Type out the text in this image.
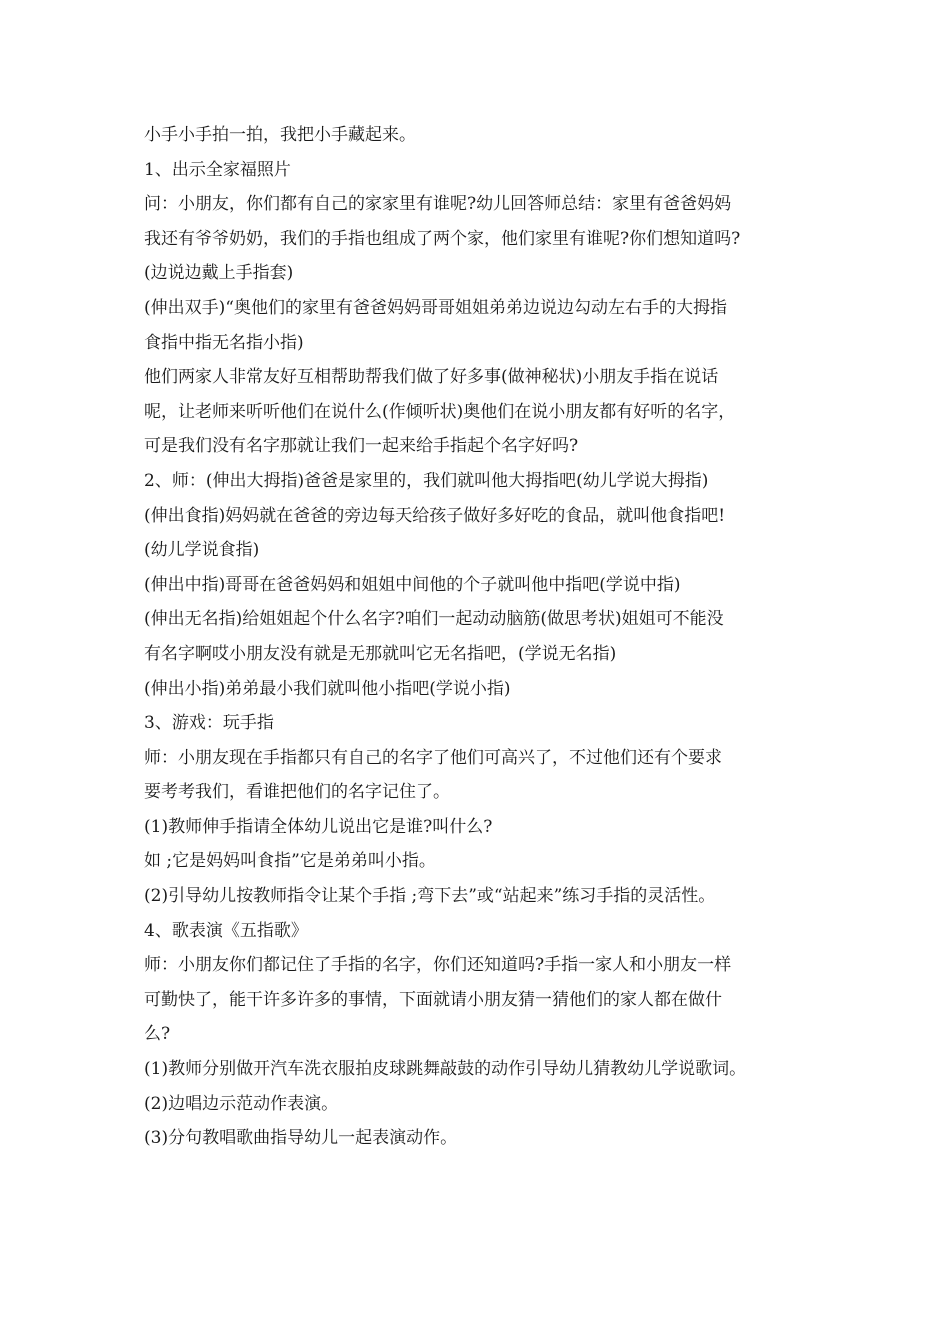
小手小手拍一拍，我把小手藏起来。
1、出示全家福照片
问：小朋友，你们都有自己的家家里有谁呢?幼儿回答师总结：家里有爸爸妈妈
我还有爷爷奶奶，我们的手指也组成了两个家，他们家里有谁呢?你们想知道吗?
(边说边戴上手指套)
(伸出双手)“奥他们的家里有爸爸妈妈哥哥姐姐弟弟边说边勾动左右手的大拇指
食指中指无名指小指)
他们两家人非常友好互相帮助帮我们做了好多事(做神秘状)小朋友手指在说话
呢，让老师来听听他们在说什么(作倾听状)奥他们在说小朋友都有好听的名字，
可是我们没有名字那就让我们一起来给手指起个名字好吗?
2、师：(伸出大拇指)爸爸是家里的，我们就叫他大拇指吧(幼儿学说大拇指)
(伸出食指)妈妈就在爸爸的旁边每天给孩子做好多好吃的食品，就叫他食指吧!
(幼儿学说食指)
(伸出中指)哥哥在爸爸妈妈和姐姐中间他的个子就叫他中指吧(学说中指)
(伸出无名指)给姐姐起个什么名字?咱们一起动动脑筋(做思考状)姐姐可不能没
有名字啊哎小朋友没有就是无那就叫它无名指吧，(学说无名指)
(伸出小指)弟弟最小我们就叫他小指吧(学说小指)
3、游戏：玩手指
师：小朋友现在手指都只有自己的名字了他们可高兴了，不过他们还有个要求
要考考我们，看谁把他们的名字记住了。
(1)教师伸手指请全体幼儿说出它是谁?叫什么?
如 ;它是妈妈叫食指”它是弟弟叫小指。
(2)引导幼儿按教师指令让某个手指 ;弯下去”或“站起来”练习手指的灵活性。
4、歌表演《五指歌》
师：小朋友你们都记住了手指的名字，你们还知道吗?手指一家人和小朋友一样
可勤快了，能干许多许多的事情，下面就请小朋友猜一猜他们的家人都在做什
么?
(1)教师分别做开汽车洗衣服拍皮球跳舞敲鼓的动作引导幼儿猜教幼儿学说歌词。
(2)边唱边示范动作表演。
(3)分句教唱歌曲指导幼儿一起表演动作。
